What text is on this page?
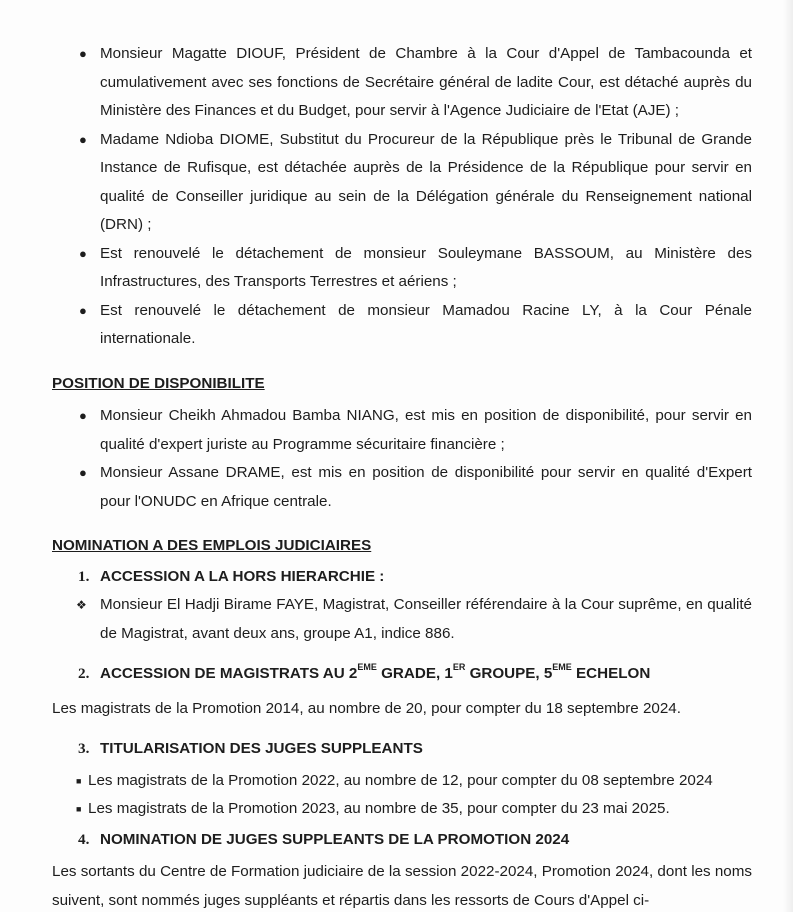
● Monsieur Magatte DIOUF, Président de Chambre à la Cour d'Appel de Tambacounda et cumulativement avec ses fonctions de Secrétaire général de ladite Cour, est détaché auprès du Ministère des Finances et du Budget, pour servir à l'Agence Judiciaire de l'Etat (AJE) ;
● Madame Ndioba DIOME, Substitut du Procureur de la République près le Tribunal de Grande Instance de Rufisque, est détachée auprès de la Présidence de la République pour servir en qualité de Conseiller juridique au sein de la Délégation générale du Renseignement national (DRN) ;
● Est renouvelé le détachement de monsieur Souleymane BASSOUM, au Ministère des Infrastructures, des Transports Terrestres et aériens ;
● Est renouvelé le détachement de monsieur Mamadou Racine LY, à la Cour Pénale internationale.
POSITION DE DISPONIBILITE
● Monsieur Cheikh Ahmadou Bamba NIANG, est mis en position de disponibilité, pour servir en qualité d'expert juriste au Programme sécuritaire financière ;
● Monsieur Assane DRAME, est mis en position de disponibilité pour servir en qualité d'Expert pour l'ONUDC en Afrique centrale.
NOMINATION A DES EMPLOIS JUDICIAIRES
1. ACCESSION A LA HORS HIERARCHIE :
❖ Monsieur El Hadji Birame FAYE, Magistrat, Conseiller référendaire à la Cour suprême, en qualité de Magistrat, avant deux ans, groupe A1, indice 886.
2. ACCESSION DE MAGISTRATS AU 2EME GRADE, 1ER GROUPE, 5EME ECHELON
Les magistrats de la Promotion 2014, au nombre de 20, pour compter du 18 septembre 2024.
3. TITULARISATION DES JUGES SUPPLEANTS
■ Les magistrats de la Promotion 2022, au nombre de 12, pour compter du 08 septembre 2024
■ Les magistrats de la Promotion 2023, au nombre de 35, pour compter du 23 mai 2025.
4. NOMINATION DE JUGES SUPPLEANTS DE LA PROMOTION 2024
Les sortants du Centre de Formation judiciaire de la session 2022-2024, Promotion 2024, dont les noms suivent, sont nommés juges suppléants et répartis dans les ressorts de Cours d'Appel ci-
